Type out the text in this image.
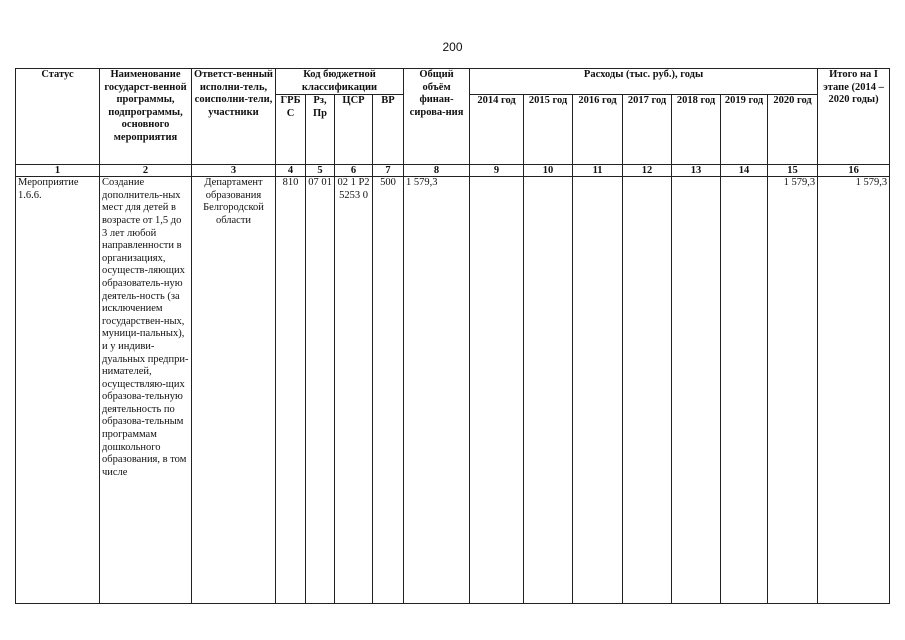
200
Статус	Наименование государст-венной программы, подпрограммы, основного мероприятия	Ответст-венный исполни-тель, соисполни-тели, участники	Код бюджетной классификации				Общий объём финан-сирова-ния	Расходы (тыс. руб.), годы							Итого на I этапе (2014 – 2020 годы)
			ГРБ С	Рз, Пр	ЦСР	ВР		2014 год	2015 год	2016 год	2017 год	2018 год	2019 год	2020 год	
1	2	3	4	5	6	7	8	9	10	11	12	13	14	15	16
Мероприятие 1.6.6.	Создание дополнитель-ных мест для детей в возрасте от 1,5 до 3 лет любой направленности в организациях, осуществ-ляющих образователь-ную деятель-ность (за исключением государствен-ных, муници-пальных), и у индиви-дуальных предпри-нимателей, осуществляю-щих образова-тельную деятельность по образова-тельным программам дошкольного образования, в том числе	Департамент образования Белгородской области	810	07 01	02 1 P2 5253 0	500	1 579,3							1 579,3	1 579,3
